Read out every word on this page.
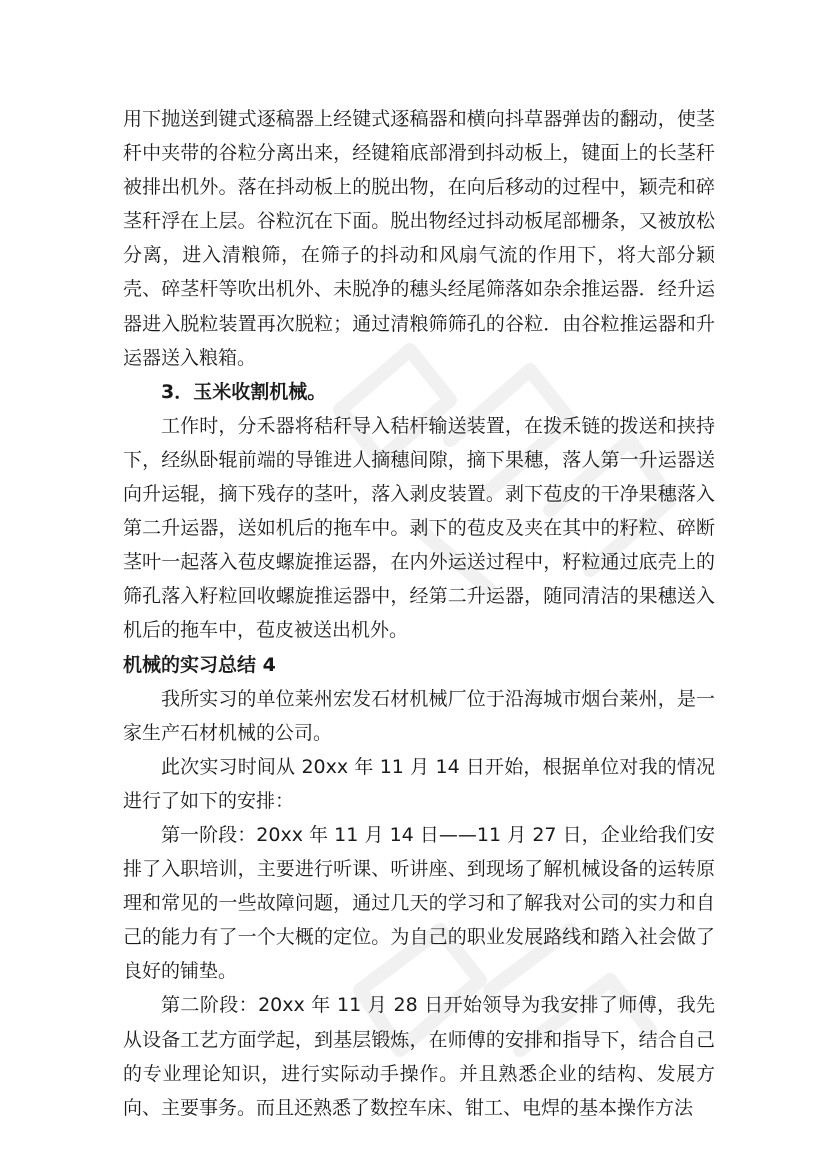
用下抛送到键式逐稿器上经键式逐稿器和横向抖草器弹齿的翻动，使茎秆中夹带的谷粒分离出来，经键箱底部滑到抖动板上，键面上的长茎秆被排出机外。落在抖动板上的脱出物，在向后移动的过程中，颖壳和碎茎秆浮在上层。谷粒沉在下面。脱出物经过抖动板尾部栅条，又被放松分离，进入清粮筛，在筛子的抖动和风扇气流的作用下，将大部分颖壳、碎茎杆等吹出机外、未脱净的穗头经尾筛落如杂余推运器．经升运器进入脱粒装置再次脱粒；通过清粮筛筛孔的谷粒．由谷粒推运器和升运器送入粮箱。

3．玉米收割机械。

工作时，分禾器将秸秆导入秸杆输送装置，在拨禾链的拨送和挟持下，经纵卧辊前端的导锥进人摘穗间隙，摘下果穗，落人第一升运器送向升运辊，摘下残存的茎叶，落入剥皮装置。剥下苞皮的干净果穗落入第二升运器，送如机后的拖车中。剥下的苞皮及夹在其中的籽粒、碎断茎叶一起落入苞皮螺旋推运器，在内外运送过程中，籽粒通过底壳上的筛孔落入籽粒回收螺旋推运器中，经第二升运器，随同清洁的果穗送入机后的拖车中，苞皮被送出机外。

机械的实习总结 4

我所实习的单位莱州宏发石材机械厂位于沿海城市烟台莱州，是一家生产石材机械的公司。

此次实习时间从 20xx 年 11 月 14 日开始，根据单位对我的情况进行了如下的安排：

第一阶段：20xx 年 11 月 14 日——11 月 27 日，企业给我们安排了入职培训，主要进行听课、听讲座、到现场了解机械设备的运转原理和常见的一些故障问题，通过几天的学习和了解我对公司的实力和自己的能力有了一个大概的定位。为自己的职业发展路线和踏入社会做了良好的铺垫。

第二阶段：20xx 年 11 月 28 日开始领导为我安排了师傅，我先从设备工艺方面学起，到基层锻炼，在师傅的安排和指导下，结合自己的专业理论知识，进行实际动手操作。并且熟悉企业的结构、发展方向、主要事务。而且还熟悉了数控车床、钳工、电焊的基本操作方法
